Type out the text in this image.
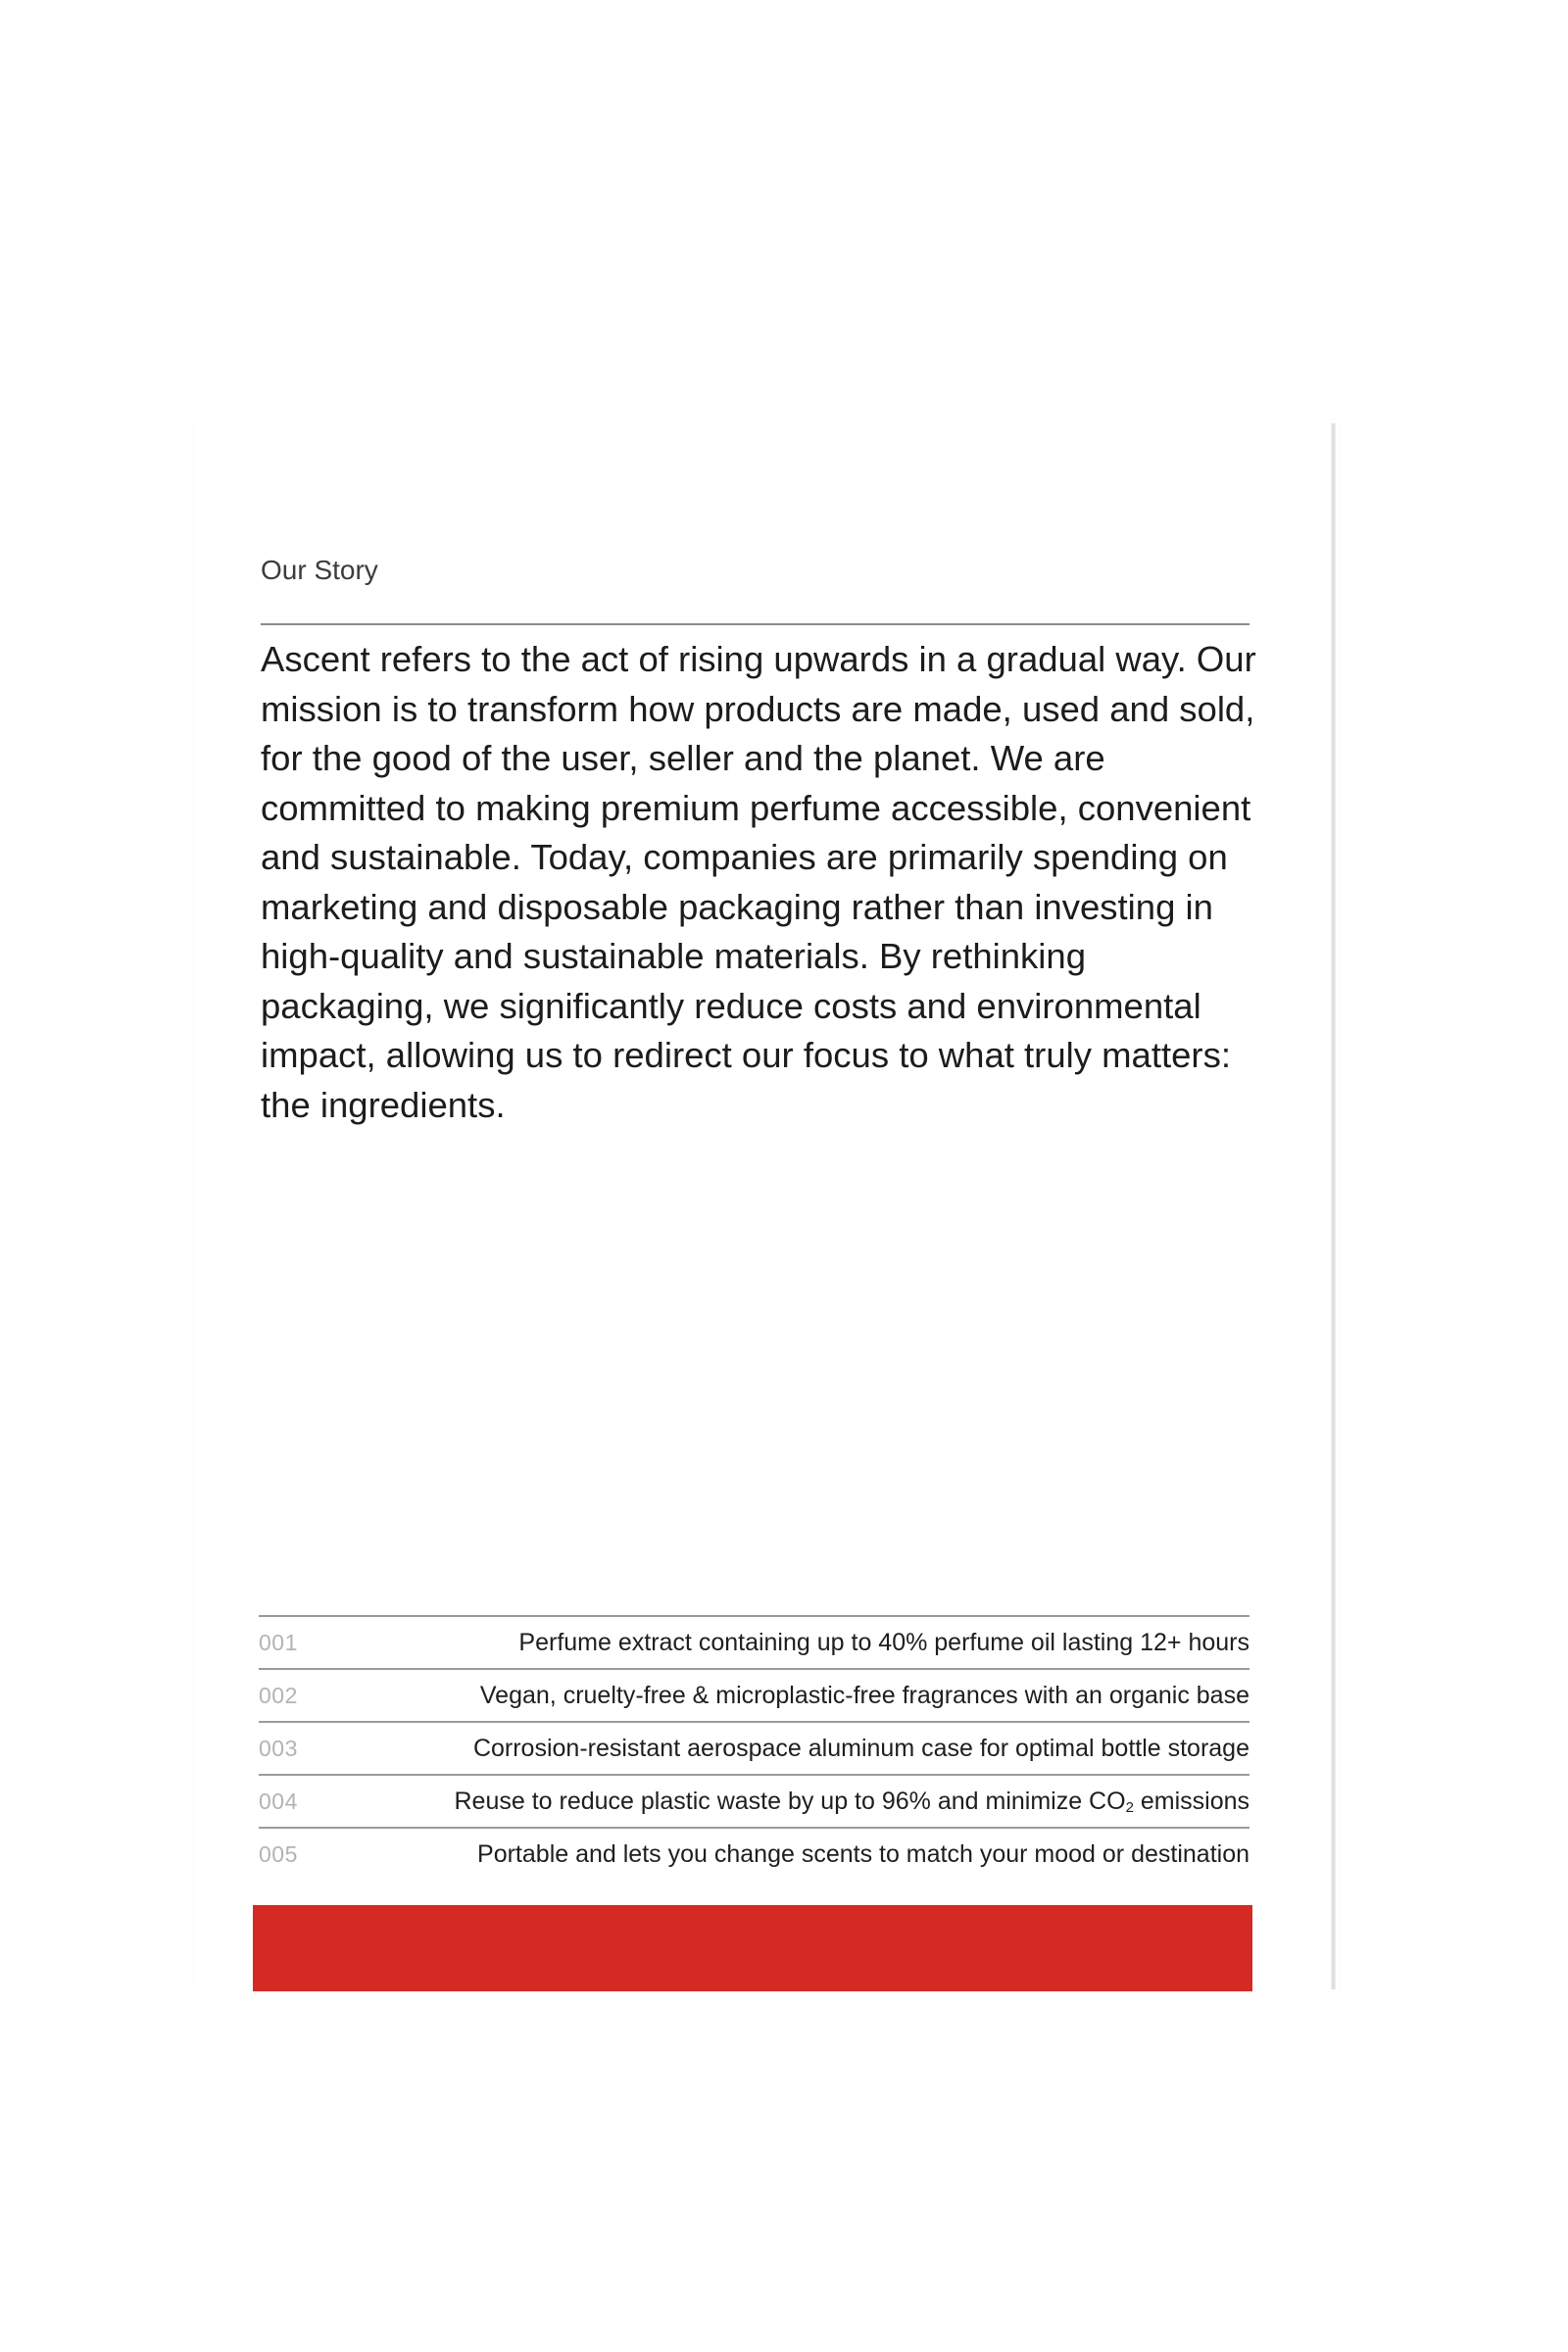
Our Story

Ascent refers to the act of rising upwards in a gradual way. Our mission is to transform how products are made, used and sold, for the good of the user, seller and the planet. We are committed to making premium perfume accessible, convenient and sustainable. Today, companies are primarily spending on marketing and disposable packaging rather than investing in high-quality and sustainable materials. By rethinking packaging, we significantly reduce costs and environmental impact, allowing us to redirect our focus to what truly matters: the ingredients.

001	Perfume extract containing up to 40% perfume oil lasting 12+ hours
002	Vegan, cruelty-free & microplastic-free fragrances with an organic base
003	Corrosion-resistant aerospace aluminum case for optimal bottle storage
004	Reuse to reduce plastic waste by up to 96% and minimize $CO_2$ emissions
005	Portable and lets you change scents to match your mood or destination
